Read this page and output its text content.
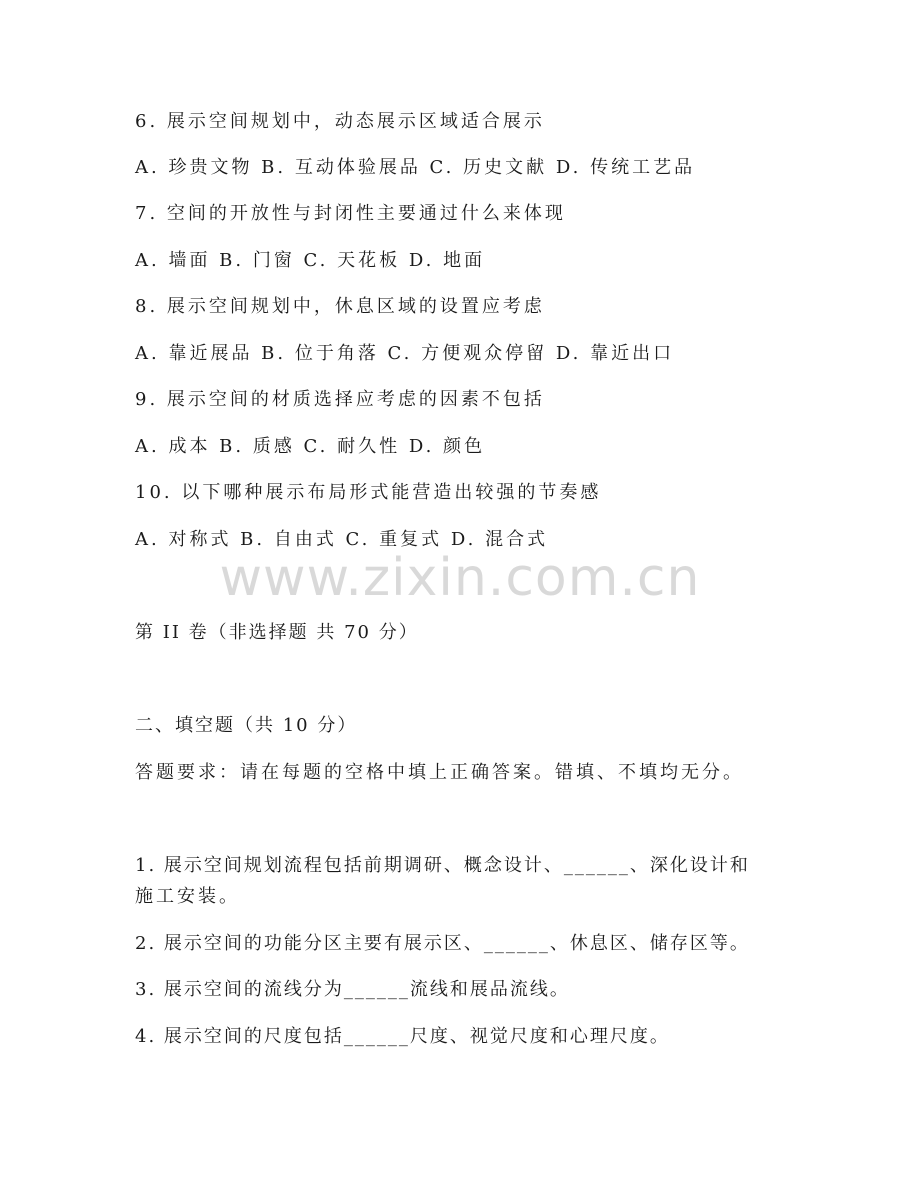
www.zixin.com.cn
6. 展示空间规划中，动态展示区域适合展示
A. 珍贵文物 B. 互动体验展品 C. 历史文献 D. 传统工艺品
7. 空间的开放性与封闭性主要通过什么来体现
A. 墙面 B. 门窗 C. 天花板 D. 地面
8. 展示空间规划中，休息区域的设置应考虑
A. 靠近展品 B. 位于角落 C. 方便观众停留 D. 靠近出口
9. 展示空间的材质选择应考虑的因素不包括
A. 成本 B. 质感 C. 耐久性 D. 颜色
10. 以下哪种展示布局形式能营造出较强的节奏感
A. 对称式 B. 自由式 C. 重复式 D. 混合式
第 II 卷（非选择题 共 70 分）
二、填空题（共 10 分）
答题要求：请在每题的空格中填上正确答案。错填、不填均无分。
1. 展示空间规划流程包括前期调研、概念设计、______、深化设计和
施工安装。
2. 展示空间的功能分区主要有展示区、______、休息区、储存区等。
3. 展示空间的流线分为______流线和展品流线。
4. 展示空间的尺度包括______尺度、视觉尺度和心理尺度。
